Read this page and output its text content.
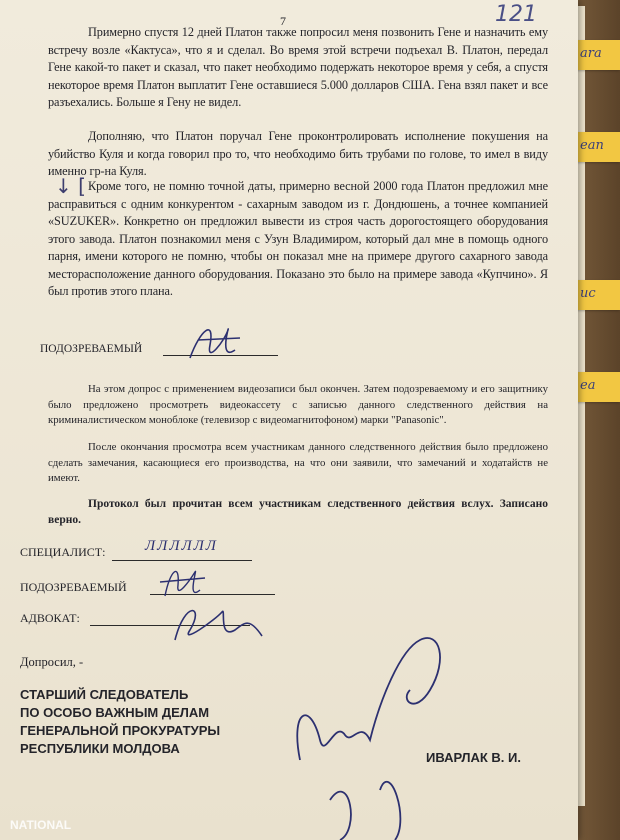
ara
ean
uc
ea
7	121

Примерно спустя 12 дней Платон также попросил меня позвонить Гене и назначить ему встречу возле «Кактуса», что я и сделал. Во время этой встречи подъехал В. Платон, передал Гене какой-то пакет и сказал, что пакет необходимо подержать некоторое время у себя, а спустя некоторое время Платон выплатит Гене оставшиеся 5.000 долларов США. Гена взял пакет и все разъехались. Больше я Гену не видел.

Дополняю, что Платон поручал Гене проконтролировать исполнение покушения на убийство Куля и когда говорил про то, что необходимо бить трубами по голове, то имел в виду именно гр-на Куля.

↓ [ Кроме того, не помню точной даты, примерно весной 2000 года Платон предложил мне расправиться с одним конкурентом - сахарным заводом из г. Дондюшень, а точнее компанией «SUZUKER». Конкретно он предложил вывести из строя часть дорогостоящего оборудования этого завода. Платон познакомил меня с Узун Владимиром, который дал мне в помощь одного парня, имени которого не помню, чтобы он показал мне на примере другого сахарного завода месторасположение данного оборудования. Показано это было на примере завода «Купчино». Я был против этого плана.

ПОДОЗРЕВАЕМЫЙ

На этом допрос с применением видеозаписи был окончен. Затем подозреваемому и его защитнику было предложено просмотреть видеокассету с записью данного следственного действия на криминалистическом моноблоке (телевизор с видеомагнитофоном) марки "Panasonic".

После окончания просмотра всем участникам данного следственного действия было предложено сделать замечания, касающиеся его производства, на что они заявили, что замечаний и ходатайств не имеют.

Протокол был прочитан всем участникам следственного действия вслух. Записано верно.

СПЕЦИАЛИСТ:	ЛЛЛЛЛЛ
ПОДОЗРЕВАЕМЫЙ
АДВОКАТ:
Допросил, -
СТАРШИЙ СЛЕДОВАТЕЛЬ
ПО ОСОБО ВАЖНЫМ ДЕЛАМ
ГЕНЕРАЛЬНОЙ ПРОКУРАТУРЫ
РЕСПУБЛИКИ МОЛДОВА
ИВАРЛАК В. И.
NATIONAL
